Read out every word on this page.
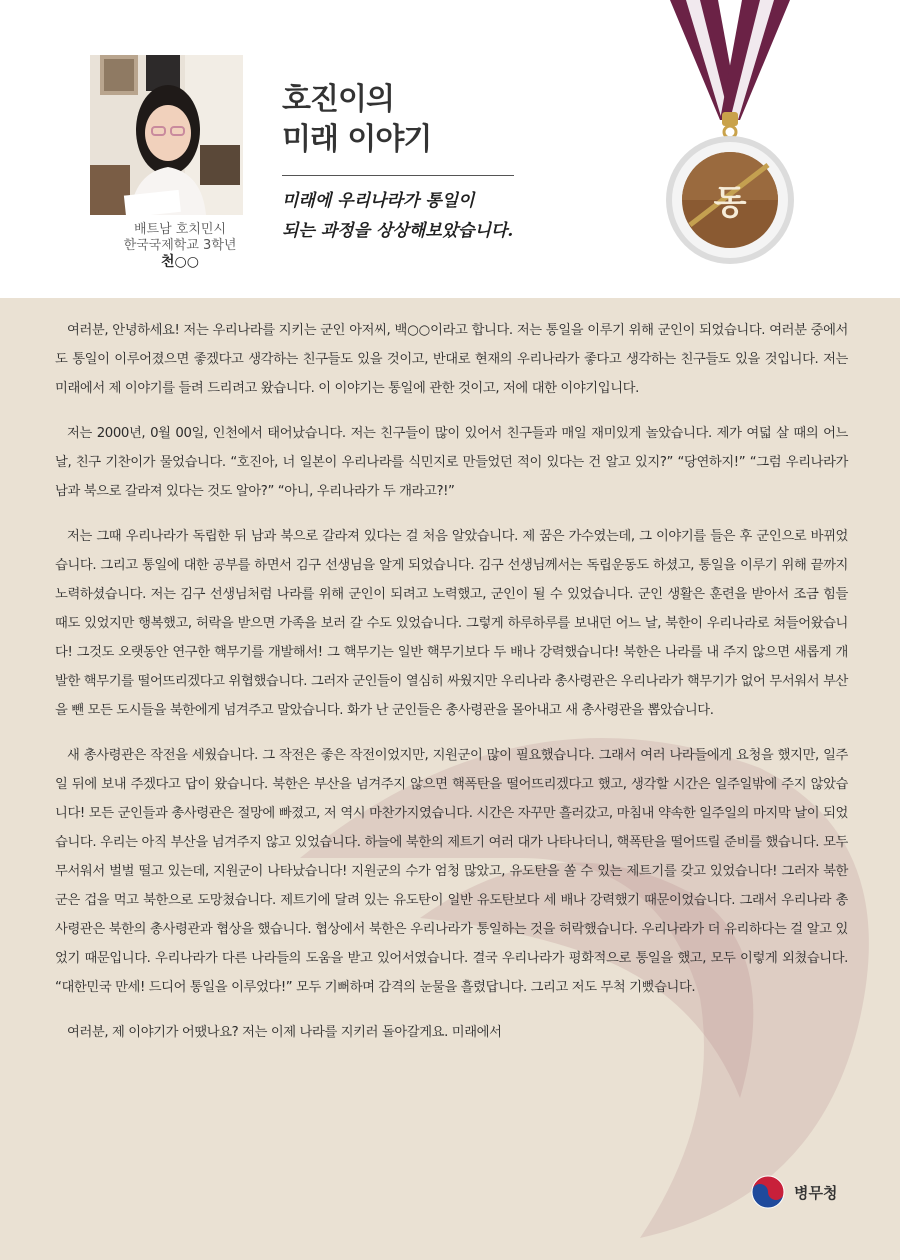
배트남 호치민시
한국국제학교 3학년
천○○
호진이의
미래 이야기
미래에 우리나라가 통일이
되는 과정을 상상해보았습니다.
동

여러분, 안녕하세요! 저는 우리나라를 지키는 군인 아저씨, 백○○이라고 합니다. 저는 통일을 이루기 위해 군인이 되었습니다. 여러분 중에서도 통일이 이루어졌으면 좋겠다고 생각하는 친구들도 있을 것이고, 반대로 현재의 우리나라가 좋다고 생각하는 친구들도 있을 것입니다. 저는 미래에서 제 이야기를 들려 드리려고 왔습니다. 이 이야기는 통일에 관한 것이고, 저에 대한 이야기입니다.

저는 2000년, 0월 00일, 인천에서 태어났습니다. 저는 친구들이 많이 있어서 친구들과 매일 재미있게 놀았습니다. 제가 여덟 살 때의 어느 날, 친구 기찬이가 물었습니다. “호진아, 너 일본이 우리나라를 식민지로 만들었던 적이 있다는 건 알고 있지?” “당연하지!” “그럼 우리나라가 남과 북으로 갈라져 있다는 것도 알아?” “아니, 우리나라가 두 개라고?!”

저는 그때 우리나라가 독립한 뒤 남과 북으로 갈라져 있다는 걸 처음 알았습니다. 제 꿈은 가수였는데, 그 이야기를 들은 후 군인으로 바뀌었습니다. 그리고 통일에 대한 공부를 하면서 김구 선생님을 알게 되었습니다. 김구 선생님께서는 독립운동도 하셨고, 통일을 이루기 위해 끝까지 노력하셨습니다. 저는 김구 선생님처럼 나라를 위해 군인이 되려고 노력했고, 군인이 될 수 있었습니다. 군인 생활은 훈련을 받아서 조금 힘들 때도 있었지만 행복했고, 허락을 받으면 가족을 보러 갈 수도 있었습니다. 그렇게 하루하루를 보내던 어느 날, 북한이 우리나라로 쳐들어왔습니다! 그것도 오랫동안 연구한 핵무기를 개발해서! 그 핵무기는 일반 핵무기보다 두 배나 강력했습니다! 북한은 나라를 내 주지 않으면 새롭게 개발한 핵무기를 떨어뜨리겠다고 위협했습니다. 그러자 군인들이 열심히 싸웠지만 우리나라 총사령관은 우리나라가 핵무기가 없어 무서워서 부산을 뺀 모든 도시들을 북한에게 넘겨주고 말았습니다. 화가 난 군인들은 총사령관을 몰아내고 새 총사령관을 뽑았습니다.

새 총사령관은 작전을 세웠습니다. 그 작전은 좋은 작전이었지만, 지원군이 많이 필요했습니다. 그래서 여러 나라들에게 요청을 했지만, 일주일 뒤에 보내 주겠다고 답이 왔습니다. 북한은 부산을 넘겨주지 않으면 핵폭탄을 떨어뜨리겠다고 했고, 생각할 시간은 일주일밖에 주지 않았습니다! 모든 군인들과 총사령관은 절망에 빠졌고, 저 역시 마찬가지였습니다. 시간은 자꾸만 흘러갔고, 마침내 약속한 일주일의 마지막 날이 되었습니다. 우리는 아직 부산을 넘겨주지 않고 있었습니다. 하늘에 북한의 제트기 여러 대가 나타나더니, 핵폭탄을 떨어뜨릴 준비를 했습니다. 모두 무서워서 벌벌 떨고 있는데, 지원군이 나타났습니다! 지원군의 수가 엄청 많았고, 유도탄을 쏠 수 있는 제트기를 갖고 있었습니다! 그러자 북한군은 겁을 먹고 북한으로 도망쳤습니다. 제트기에 달려 있는 유도탄이 일반 유도탄보다 세 배나 강력했기 때문이었습니다. 그래서 우리나라 총사령관은 북한의 총사령관과 협상을 했습니다. 협상에서 북한은 우리나라가 통일하는 것을 허락했습니다. 우리나라가 더 유리하다는 걸 알고 있었기 때문입니다. 우리나라가 다른 나라들의 도움을 받고 있어서였습니다. 결국 우리나라가 평화적으로 통일을 했고, 모두 이렇게 외쳤습니다. “대한민국 만세! 드디어 통일을 이루었다!” 모두 기뻐하며 감격의 눈물을 흘렸답니다. 그리고 저도 무척 기뻤습니다.

여러분, 제 이야기가 어땠나요? 저는 이제 나라를 지키러 돌아갈게요. 미래에서

병무청
